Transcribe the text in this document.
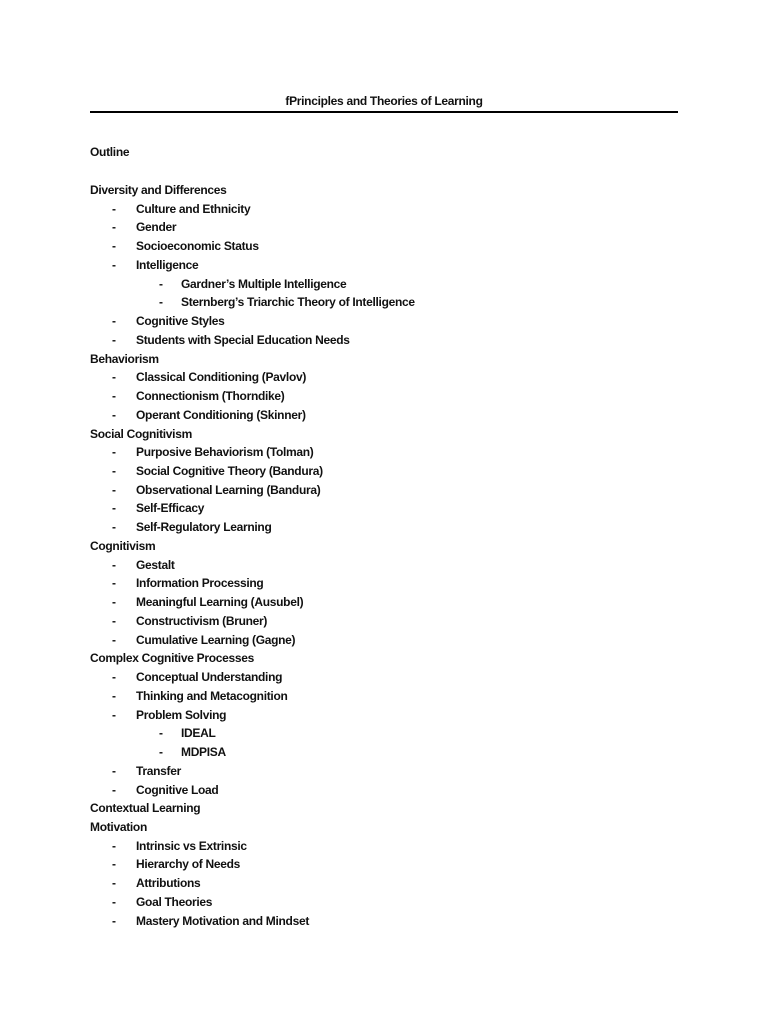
fPrinciples and Theories of Learning
Outline
Diversity and Differences
- Culture and Ethnicity
- Gender
- Socioeconomic Status
- Intelligence
- Gardner’s Multiple Intelligence
- Sternberg’s Triarchic Theory of Intelligence
- Cognitive Styles
- Students with Special Education Needs
Behaviorism
- Classical Conditioning (Pavlov)
- Connectionism (Thorndike)
- Operant Conditioning (Skinner)
Social Cognitivism
- Purposive Behaviorism (Tolman)
- Social Cognitive Theory (Bandura)
- Observational Learning (Bandura)
- Self-Efficacy
- Self-Regulatory Learning
Cognitivism
- Gestalt
- Information Processing
- Meaningful Learning (Ausubel)
- Constructivism (Bruner)
- Cumulative Learning (Gagne)
Complex Cognitive Processes
- Conceptual Understanding
- Thinking and Metacognition
- Problem Solving
- IDEAL
- MDPISA
- Transfer
- Cognitive Load
Contextual Learning
Motivation
- Intrinsic vs Extrinsic
- Hierarchy of Needs
- Attributions
- Goal Theories
- Mastery Motivation and Mindset
